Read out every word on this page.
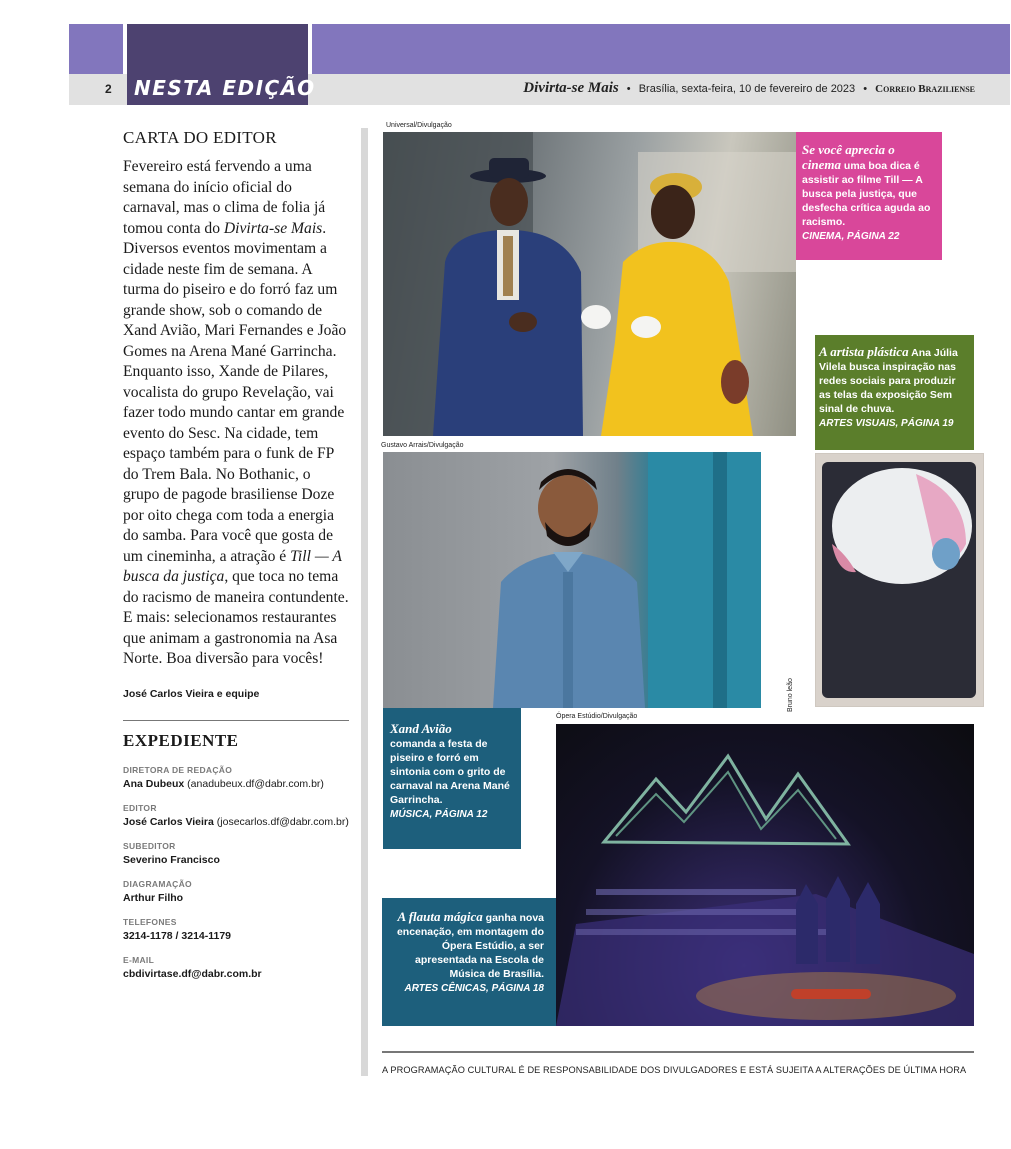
2 NESTA EDIÇÃO	Divirta-se Mais • Brasília, sexta-feira, 10 de fevereiro de 2023 • Correio Braziliense
CARTA DO EDITOR

Fevereiro está fervendo a uma semana do início oficial do carnaval, mas o clima de folia já tomou conta do Divirta-se Mais. Diversos eventos movimentam a cidade neste fim de semana. A turma do piseiro e do forró faz um grande show, sob o comando de Xand Avião, Mari Fernandes e João Gomes na Arena Mané Garrincha. Enquanto isso, Xande de Pilares, vocalista do grupo Revelação, vai fazer todo mundo cantar em grande evento do Sesc. Na cidade, tem espaço também para o funk de FP do Trem Bala. No Bothanic, o grupo de pagode brasiliense Doze por oito chega com toda a energia do samba. Para você que gosta de um cineminha, a atração é Till — A busca da justiça, que toca no tema do racismo de maneira contundente. E mais: selecionamos restaurantes que animam a gastronomia na Asa Norte. Boa diversão para vocês!

José Carlos Vieira e equipe

EXPEDIENTE
DIRETORA DE REDAÇÃO
Ana Dubeux (anadubeux.df@dabr.com.br)
EDITOR
José Carlos Vieira (josecarlos.df@dabr.com.br)
SUBEDITOR
Severino Francisco
DIAGRAMAÇÃO
Arthur Filho
TELEFONES
3214-1178 / 3214-1179
E-MAIL
cbdivirtase.df@dabr.com.br
Universal/Divulgação
Se você aprecia o cinema uma boa dica é assistir ao filme Till — A busca pela justiça, que desfecha crítica aguda ao racismo.
CINEMA, PÁGINA 22
A artista plástica Ana Júlia Vilela busca inspiração nas redes sociais para produzir as telas da exposição Sem sinal de chuva.
ARTES VISUAIS, PÁGINA 19
Gustavo Arrais/Divulgação
Bruno leão
Xand Avião
comanda a festa de piseiro e forró em sintonia com o grito de carnaval na Arena Mané Garrincha.
MÚSICA, PÁGINA 12
Ópera Estúdio/Divulgação
A flauta mágica ganha nova encenação, em montagem do Ópera Estúdio, a ser apresentada na Escola de Música de Brasília.
ARTES CÊNICAS, PÁGINA 18
A PROGRAMAÇÃO CULTURAL É DE RESPONSABILIDADE DOS DIVULGADORES E ESTÁ SUJEITA A ALTERAÇÕES DE ÚLTIMA HORA
